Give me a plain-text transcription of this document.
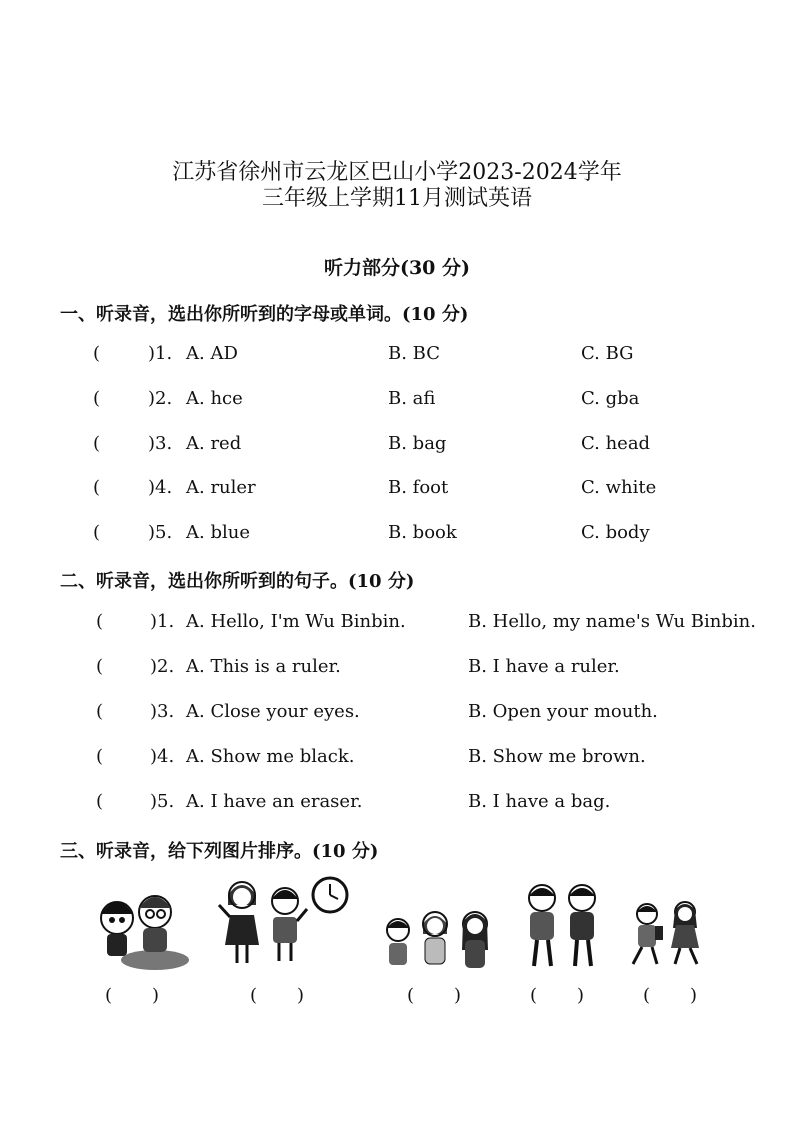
江苏省徐州市云龙区巴山小学2023-2024学年
三年级上学期11月测试英语
听力部分(30 分)
一、听录音，选出你所听到的字母或单词。(10 分)
(	)1. A. AD	B. BC	C. BG
(	)2. A. hce	B. afi	C. gba
(	)3. A. red	B. bag	C. head
(	)4. A. ruler	B. foot	C. white
(	)5. A. blue	B. book	C. body
二、听录音，选出你所听到的句子。(10 分)
(	)1. A. Hello, I'm Wu Binbin.	B. Hello, my name's Wu Binbin.
(	)2. A. This is a ruler.	B. I have a ruler.
(	)3. A. Close your eyes.	B. Open your mouth.
(	)4. A. Show me black.	B. Show me brown.
(	)5. A. I have an eraser.	B. I have a bag.
三、听录音，给下列图片排序。(10 分)
( )	( )	( )	( )	( )
